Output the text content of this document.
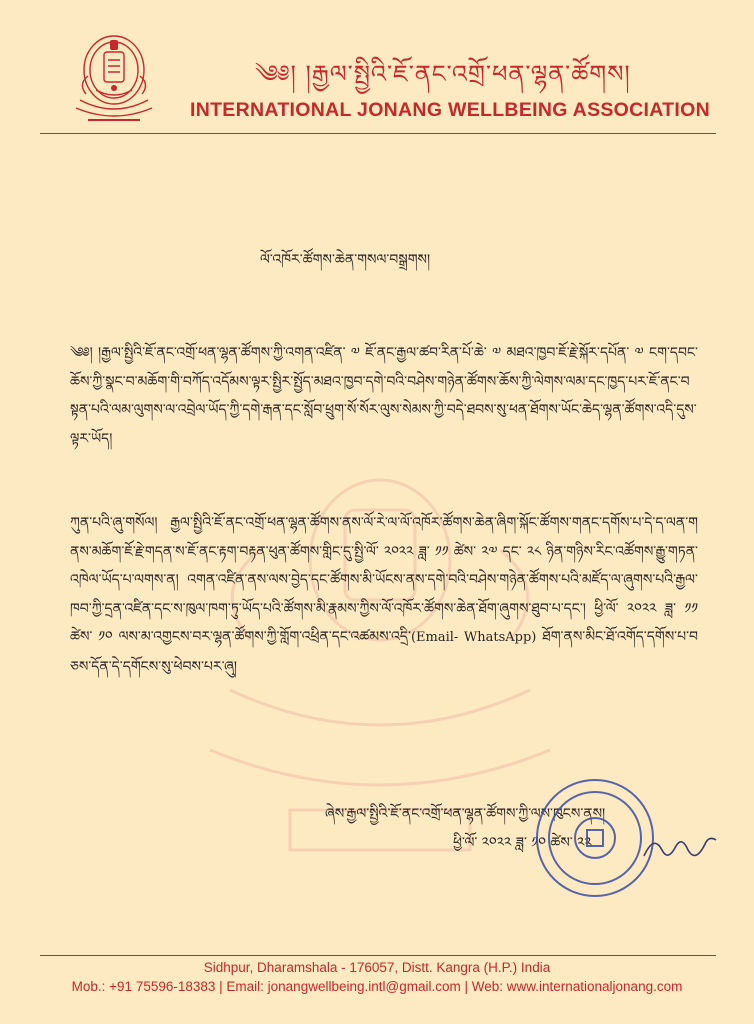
༄༅། །རྒྱལ་སྤྱིའི་ཇོ་ནང་འགྲོ་ཕན་ལྷན་ཚོགས།
INTERNATIONAL JONANG WELLBEING ASSOCIATION
ལོ་འཁོར་ཚོགས་ཆེན་གསལ་བསྒྲགས།
༄༅། །རྒྱལ་སྤྱིའི་ཇོ་ནང་འགྲོ་ཕན་ལྷན་ཚོགས་ཀྱི་འགན་འཛིན་ ༧ ཇོ་ནང་རྒྱལ་ཚབ་རིན་པོ་ཆེ་ ༧ མཐའ་ཁྱབ་ཇོ་རྗེ་སྐོར་དཔོན་ ༧ ངག་དབང་ཆོས་ཀྱི་སྣང་བ་མཆོག་གི་བཀོད་འདོམས་ལྟར་སྤྱིར་སྤྱོད་མཐའ་ཁྱབ་དགེ་བའི་བཤེས་གཉེན་ཚོགས་ཆོས་ཀྱི་ལེགས་ལམ་དང་ཁྱད་པར་ཇོ་ནང་བསྟན་པའི་ལམ་ལུགས་ལ་འབྲེལ་ཡོད་ཀྱི་དགེ་རྒན་དང་སློབ་ཕྲུག་སོ་སོར་ལུས་སེམས་ཀྱི་བདེ་ཐབས་སུ་ཕན་ཐོགས་ཡོང་ཆེད་ལྷན་ཚོགས་འདི་དུས་ལྟར་ཡོད།
ཀུན་པའི་ཞུ་གསོལ། རྒྱལ་སྤྱིའི་ཇོ་ནང་འགྲོ་ཕན་ལྷན་ཚོགས་ནས་ལོ་རེ་ལ་ལོ་འཁོར་ཚོགས་ཆེན་ཞིག་སྐོང་ཚོགས་གནང་དགོས་པ་དེ་ད་ལན་གནས་མཆོག་ཇོ་རྗེ་གདན་ས་ཇོ་ནང་རྟག་བརྟན་ཕུན་ཚོགས་གླིང་དུ་སྤྱི་ལོ་ ༢༠༢༢ ཟླ་ ༡༡ ཚེས་ ༢༧ དང་ ༢༨ ཉིན་གཉིས་རིང་འཚོགས་རྒྱུ་གཏན་འཁེལ་ཡོད་པ་ལགས་ན། འགན་འཛིན་ནས་ལས་བྱེད་དང་ཚོགས་མི་ཡོངས་ནས་དགེ་བའི་བཤེས་གཉེན་ཚོགས་པའི་མཛོད་ལ་ཞུགས་པའི་རྒྱལ་ཁབ་ཀྱི་དྲན་འཛིན་དང་ས་ཁུལ་ཁག་ཏུ་ཡོད་པའི་ཚོགས་མི་རྣམས་ཀྱིས་ལོ་འཁོར་ཚོགས་ཆེན་ཐོག་ཞུགས་ཐུབ་པ་དང་། ཕྱི་ལོ་ ༢༠༢༢ ཟླ་ ༡༡ ཚེས་ ༡༠ ལས་མ་འགྱངས་བར་ལྷན་ཚོགས་ཀྱི་གློག་འཕྲིན་དང་འཚམས་འདྲི་(Email- WhatsApp) ཐོག་ནས་མིང་ཐོ་འགོད་དགོས་པ་བཅས་དོན་དེ་དགོངས་སུ་ཕེབས་པར་ཞུ།
ཞེས་རྒྱལ་སྤྱིའི་ཇོ་ནང་འགྲོ་ཕན་ལྷན་ཚོགས་ཀྱི་ལས་ཁུངས་ནས།
ཕྱི་ལོ་ ༢༠༢༢ ཟླ་ ༡༠ ཚེས་ ༢༢
Sidhpur, Dharamshala - 176057, Distt. Kangra (H.P.) India
Mob.: +91 75596-18383 | Email: jonangwellbeing.intl@gmail.com | Web: www.internationaljonang.com
